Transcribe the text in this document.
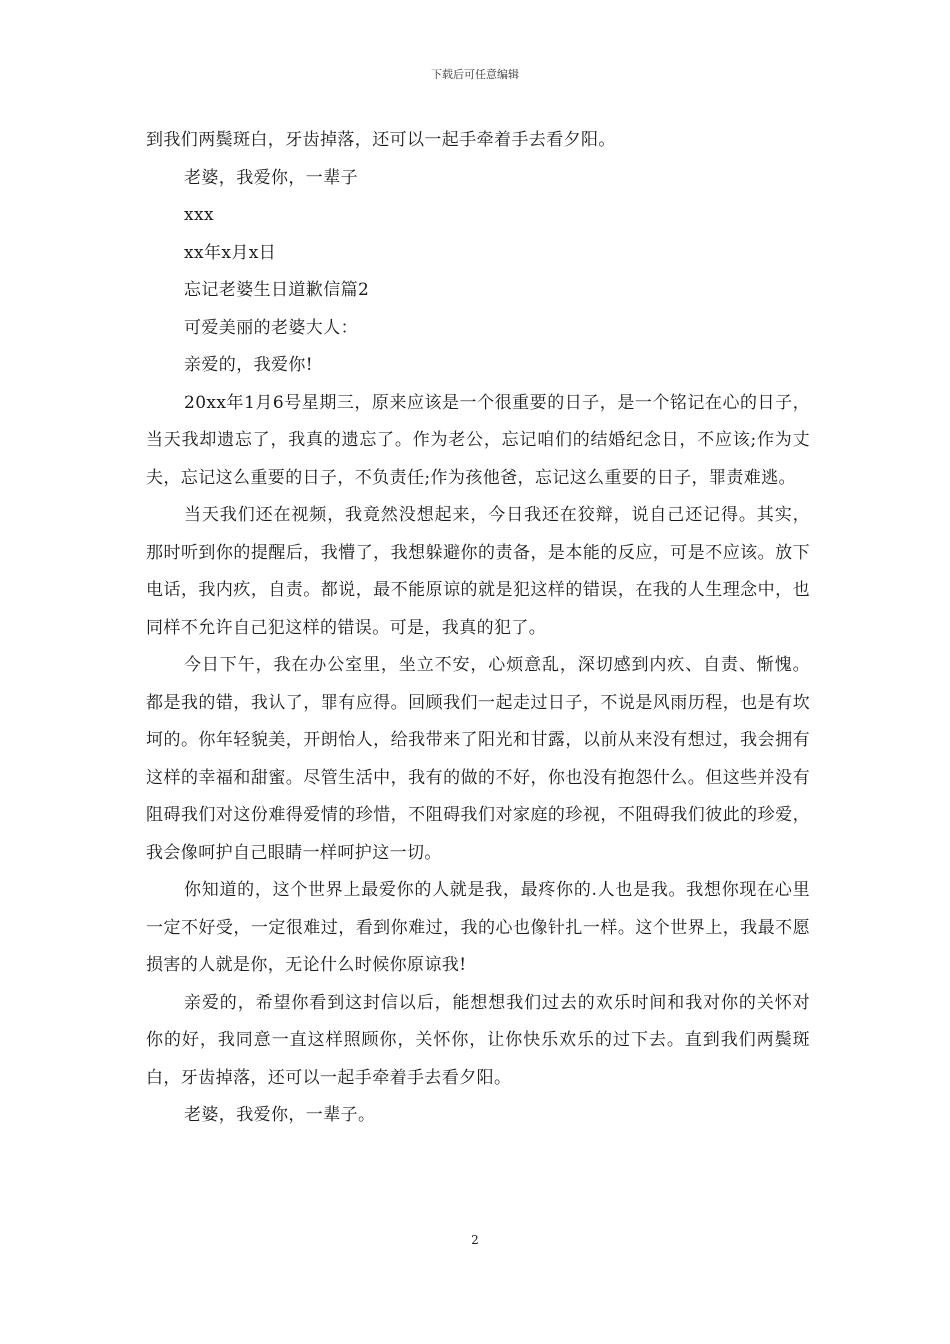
下载后可任意编辑

到我们两鬓斑白，牙齿掉落，还可以一起手牵着手去看夕阳。

老婆，我爱你，一辈子

xxx

xx年x月x日

忘记老婆生日道歉信篇2

可爱美丽的老婆大人：

亲爱的，我爱你!

20xx年1月6号星期三，原来应该是一个很重要的日子，是一个铭记在心的日子，当天我却遗忘了，我真的遗忘了。作为老公，忘记咱们的结婚纪念日，不应该;作为丈夫，忘记这么重要的日子，不负责任;作为孩他爸，忘记这么重要的日子，罪责难逃。

当天我们还在视频，我竟然没想起来，今日我还在狡辩，说自己还记得。其实，那时听到你的提醒后，我懵了，我想躲避你的责备，是本能的反应，可是不应该。放下电话，我内疚，自责。都说，最不能原谅的就是犯这样的错误，在我的人生理念中，也同样不允许自己犯这样的错误。可是，我真的犯了。

今日下午，我在办公室里，坐立不安，心烦意乱，深切感到内疚、自责、惭愧。都是我的错，我认了，罪有应得。回顾我们一起走过日子，不说是风雨历程，也是有坎坷的。你年轻貌美，开朗怡人，给我带来了阳光和甘露，以前从来没有想过，我会拥有这样的幸福和甜蜜。尽管生活中，我有的做的不好，你也没有抱怨什么。但这些并没有阻碍我们对这份难得爱情的珍惜，不阻碍我们对家庭的珍视，不阻碍我们彼此的珍爱，我会像呵护自己眼睛一样呵护这一切。

你知道的，这个世界上最爱你的人就是我，最疼你的.人也是我。我想你现在心里一定不好受，一定很难过，看到你难过，我的心也像针扎一样。这个世界上，我最不愿损害的人就是你，无论什么时候你原谅我!

亲爱的，希望你看到这封信以后，能想想我们过去的欢乐时间和我对你的关怀对你的好，我同意一直这样照顾你，关怀你，让你快乐欢乐的过下去。直到我们两鬓斑白，牙齿掉落，还可以一起手牵着手去看夕阳。

老婆，我爱你，一辈子。

2
